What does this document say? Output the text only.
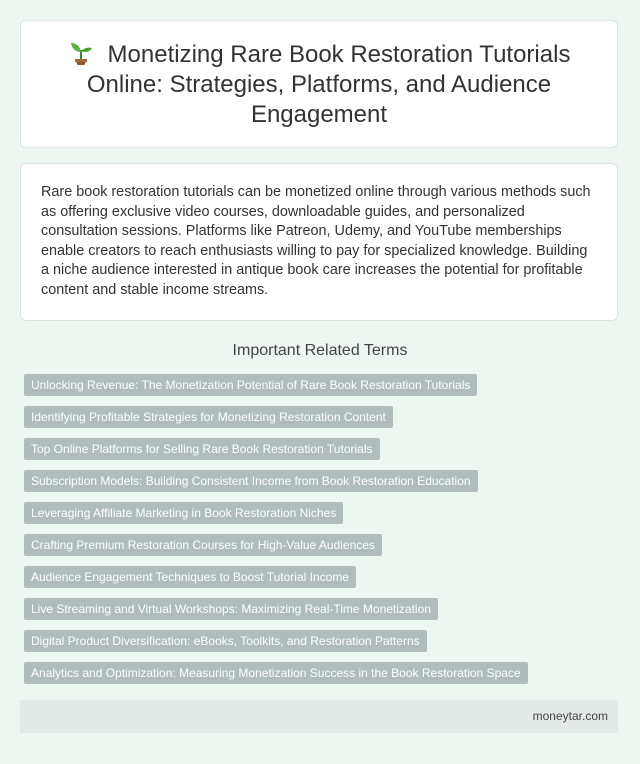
Monetizing Rare Book Restoration Tutorials Online: Strategies, Platforms, and Audience Engagement

Rare book restoration tutorials can be monetized online through various methods such as offering exclusive video courses, downloadable guides, and personalized consultation sessions. Platforms like Patreon, Udemy, and YouTube memberships enable creators to reach enthusiasts willing to pay for specialized knowledge. Building a niche audience interested in antique book care increases the potential for profitable content and stable income streams.

Important Related Terms
Unlocking Revenue: The Monetization Potential of Rare Book Restoration Tutorials
Identifying Profitable Strategies for Monetizing Restoration Content
Top Online Platforms for Selling Rare Book Restoration Tutorials
Subscription Models: Building Consistent Income from Book Restoration Education
Leveraging Affiliate Marketing in Book Restoration Niches
Crafting Premium Restoration Courses for High-Value Audiences
Audience Engagement Techniques to Boost Tutorial Income
Live Streaming and Virtual Workshops: Maximizing Real-Time Monetization
Digital Product Diversification: eBooks, Toolkits, and Restoration Patterns
Analytics and Optimization: Measuring Monetization Success in the Book Restoration Space
moneytar.com
